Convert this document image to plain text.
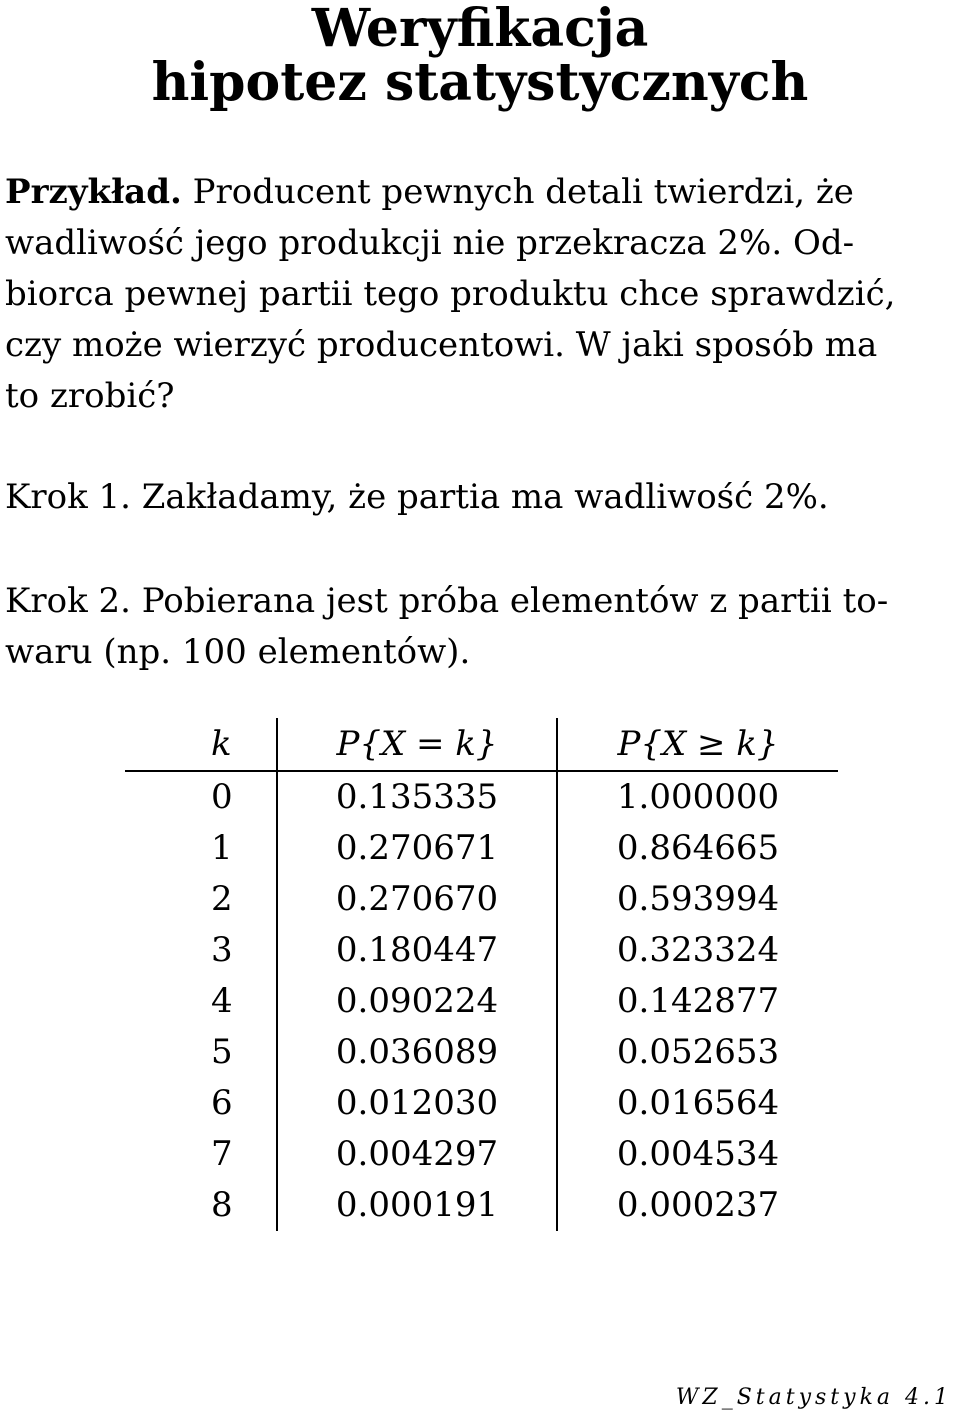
Weryfikacja
hipotez statystycznych
Przykład. Producent pewnych detali twierdzi, że
wadliwość jego produkcji nie przekracza 2%. Od-
biorca pewnej partii tego produktu chce sprawdzić,
czy może wierzyć producentowi. W jaki sposób ma
to zrobić?
Krok 1. Zakładamy, że partia ma wadliwość 2%.
Krok 2. Pobierana jest próba elementów z partii to-
waru (np. 100 elementów).
k	P{X = k}	P{X ≥ k}
0	0.135335	1.000000
1	0.270671	0.864665
2	0.270670	0.593994
3	0.180447	0.323324
4	0.090224	0.142877
5	0.036089	0.052653
6	0.012030	0.016564
7	0.004297	0.004534
8	0.000191	0.000237
WZ_Statystyka 4.1
